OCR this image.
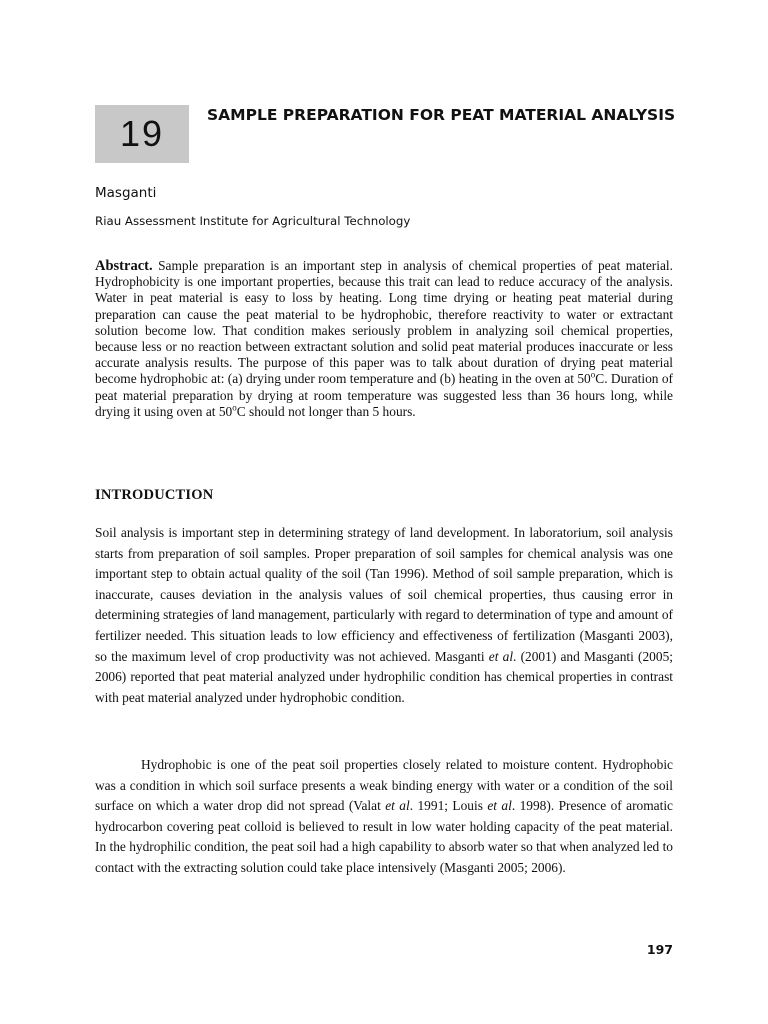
19	SAMPLE PREPARATION FOR PEAT MATERIAL ANALYSIS
Masganti
Riau Assessment Institute for Agricultural Technology

Abstract. Sample preparation is an important step in analysis of chemical properties of peat material. Hydrophobicity is one important properties, because this trait can lead to reduce accuracy of the analysis. Water in peat material is easy to loss by heating. Long time drying or heating peat material during preparation can cause the peat material to be hydrophobic, therefore reactivity to water or extractant solution become low. That condition makes seriously problem in analyzing soil chemical properties, because less or no reaction between extractant solution and solid peat material produces inaccurate or less accurate analysis results. The purpose of this paper was to talk about duration of drying peat material become hydrophobic at: (a) drying under room temperature and (b) heating in the oven at 50$^o$C. Duration of peat material preparation by drying at room temperature was suggested less than 36 hours long, while drying it using oven at 50$^o$C should not longer than 5 hours.

INTRODUCTION

Soil analysis is important step in determining strategy of land development. In laboratorium, soil analysis starts from preparation of soil samples. Proper preparation of soil samples for chemical analysis was one important step to obtain actual quality of the soil (Tan 1996). Method of soil sample preparation, which is inaccurate, causes deviation in the analysis values of soil chemical properties, thus causing error in determining strategies of land management, particularly with regard to determination of type and amount of fertilizer needed. This situation leads to low efficiency and effectiveness of fertilization (Masganti 2003), so the maximum level of crop productivity was not achieved. Masganti et al. (2001) and Masganti (2005; 2006) reported that peat material analyzed under hydrophilic condition has chemical properties in contrast with peat material analyzed under hydrophobic condition.

Hydrophobic is one of the peat soil properties closely related to moisture content. Hydrophobic was a condition in which soil surface presents a weak binding energy with water or a condition of the soil surface on which a water drop did not spread (Valat et al. 1991; Louis et al. 1998). Presence of aromatic hydrocarbon covering peat colloid is believed to result in low water holding capacity of the peat material. In the hydrophilic condition, the peat soil had a high capability to absorb water so that when analyzed led to contact with the extracting solution could take place intensively (Masganti 2005; 2006).

197
